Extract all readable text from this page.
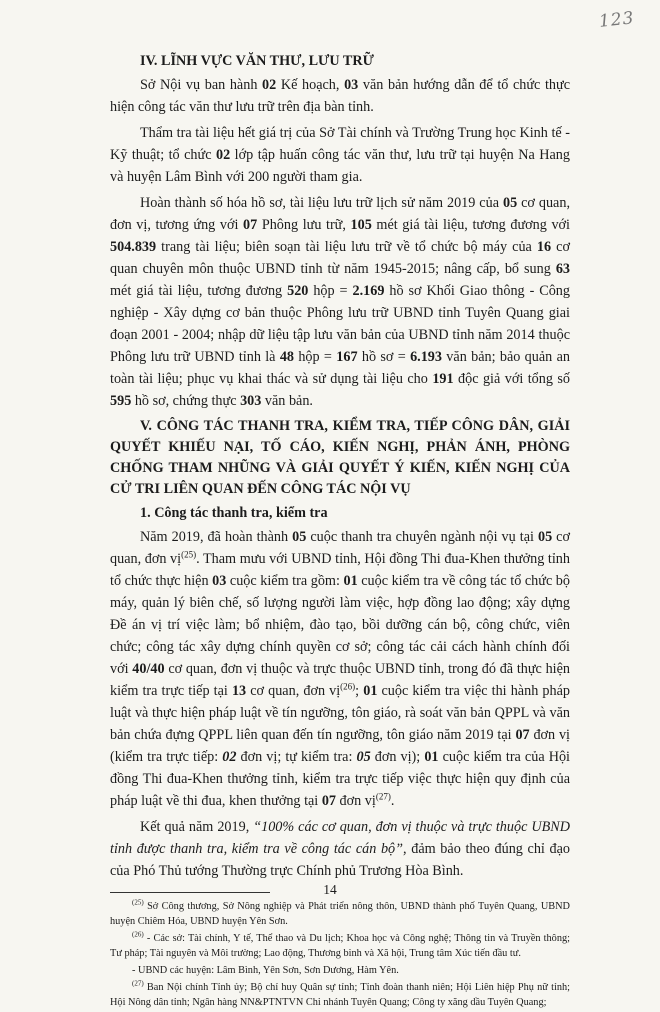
123
IV. LĨNH VỰC VĂN THƯ, LƯU TRỮ

Sở Nội vụ ban hành 02 Kế hoạch, 03 văn bản hướng dẫn để tổ chức thực hiện công tác văn thư lưu trữ trên địa bàn tỉnh.

Thẩm tra tài liệu hết giá trị của Sở Tài chính và Trường Trung học Kinh tế - Kỹ thuật; tổ chức 02 lớp tập huấn công tác văn thư, lưu trữ tại huyện Na Hang và huyện Lâm Bình với 200 người tham gia.

Hoàn thành số hóa hồ sơ, tài liệu lưu trữ lịch sử năm 2019 của 05 cơ quan, đơn vị, tương ứng với 07 Phông lưu trữ, 105 mét giá tài liệu, tương đương với 504.839 trang tài liệu; biên soạn tài liệu lưu trữ về tổ chức bộ máy của 16 cơ quan chuyên môn thuộc UBND tỉnh từ năm 1945-2015; nâng cấp, bổ sung 63 mét giá tài liệu, tương đương 520 hộp = 2.169 hồ sơ Khối Giao thông - Công nghiệp - Xây dựng cơ bản thuộc Phông lưu trữ UBND tỉnh Tuyên Quang giai đoạn 2001 - 2004; nhập dữ liệu tập lưu văn bản của UBND tỉnh năm 2014 thuộc Phông lưu trữ UBND tỉnh là 48 hộp = 167 hồ sơ = 6.193 văn bản; bảo quản an toàn tài liệu; phục vụ khai thác và sử dụng tài liệu cho 191 độc giả với tổng số 595 hồ sơ, chứng thực 303 văn bản.

V. CÔNG TÁC THANH TRA, KIỂM TRA, TIẾP CÔNG DÂN, GIẢI QUYẾT KHIẾU NẠI, TỐ CÁO, KIẾN NGHỊ, PHẢN ÁNH, PHÒNG CHỐNG THAM NHŨNG VÀ GIẢI QUYẾT Ý KIẾN, KIẾN NGHỊ CỦA CỬ TRI LIÊN QUAN ĐẾN CÔNG TÁC NỘI VỤ
1. Công tác thanh tra, kiểm tra

Năm 2019, đã hoàn thành 05 cuộc thanh tra chuyên ngành nội vụ tại 05 cơ quan, đơn vị$^{(25)}$. Tham mưu với UBND tỉnh, Hội đồng Thi đua-Khen thưởng tỉnh tổ chức thực hiện 03 cuộc kiểm tra gồm: 01 cuộc kiểm tra về công tác tổ chức bộ máy, quản lý biên chế, số lượng người làm việc, hợp đồng lao động; xây dựng Đề án vị trí việc làm; bổ nhiệm, đào tạo, bồi dưỡng cán bộ, công chức, viên chức; công tác xây dựng chính quyền cơ sở; công tác cải cách hành chính đối với 40/40 cơ quan, đơn vị thuộc và trực thuộc UBND tỉnh, trong đó đã thực hiện kiểm tra trực tiếp tại 13 cơ quan, đơn vị$^{(26)}$; 01 cuộc kiểm tra việc thi hành pháp luật và thực hiện pháp luật về tín ngưỡng, tôn giáo, rà soát văn bản QPPL và văn bản chứa đựng QPPL liên quan đến tín ngưỡng, tôn giáo năm 2019 tại 07 đơn vị (kiểm tra trực tiếp: 02 đơn vị; tự kiểm tra: 05 đơn vị); 01 cuộc kiểm tra của Hội đồng Thi đua-Khen thưởng tỉnh, kiểm tra trực tiếp việc thực hiện quy định của pháp luật về thi đua, khen thưởng tại 07 đơn vị$^{(27)}$.

Kết quả năm 2019, “100% các cơ quan, đơn vị thuộc và trực thuộc UBND tỉnh được thanh tra, kiểm tra về công tác cán bộ”, đảm bảo theo đúng chỉ đạo của Phó Thủ tướng Thường trực Chính phủ Trương Hòa Bình.

$^{(25)}$ Sở Công thương, Sở Nông nghiệp và Phát triển nông thôn, UBND thành phố Tuyên Quang, UBND huyện Chiêm Hóa, UBND huyện Yên Sơn.
$^{(26)}$ - Các sở: Tài chính, Y tế, Thể thao và Du lịch; Khoa học và Công nghệ; Thông tin và Truyền thông; Tư pháp; Tài nguyên và Môi trường; Lao động, Thương binh và Xã hội, Trung tâm Xúc tiến đầu tư.
- UBND các huyện: Lâm Bình, Yên Sơn, Sơn Dương, Hàm Yên.
$^{(27)}$ Ban Nội chính Tỉnh ủy; Bộ chỉ huy Quân sự tỉnh; Tỉnh đoàn thanh niên; Hội Liên hiệp Phụ nữ tỉnh; Hội Nông dân tỉnh; Ngân hàng NN&PTNTVN Chi nhánh Tuyên Quang; Công ty xăng dầu Tuyên Quang;
14
